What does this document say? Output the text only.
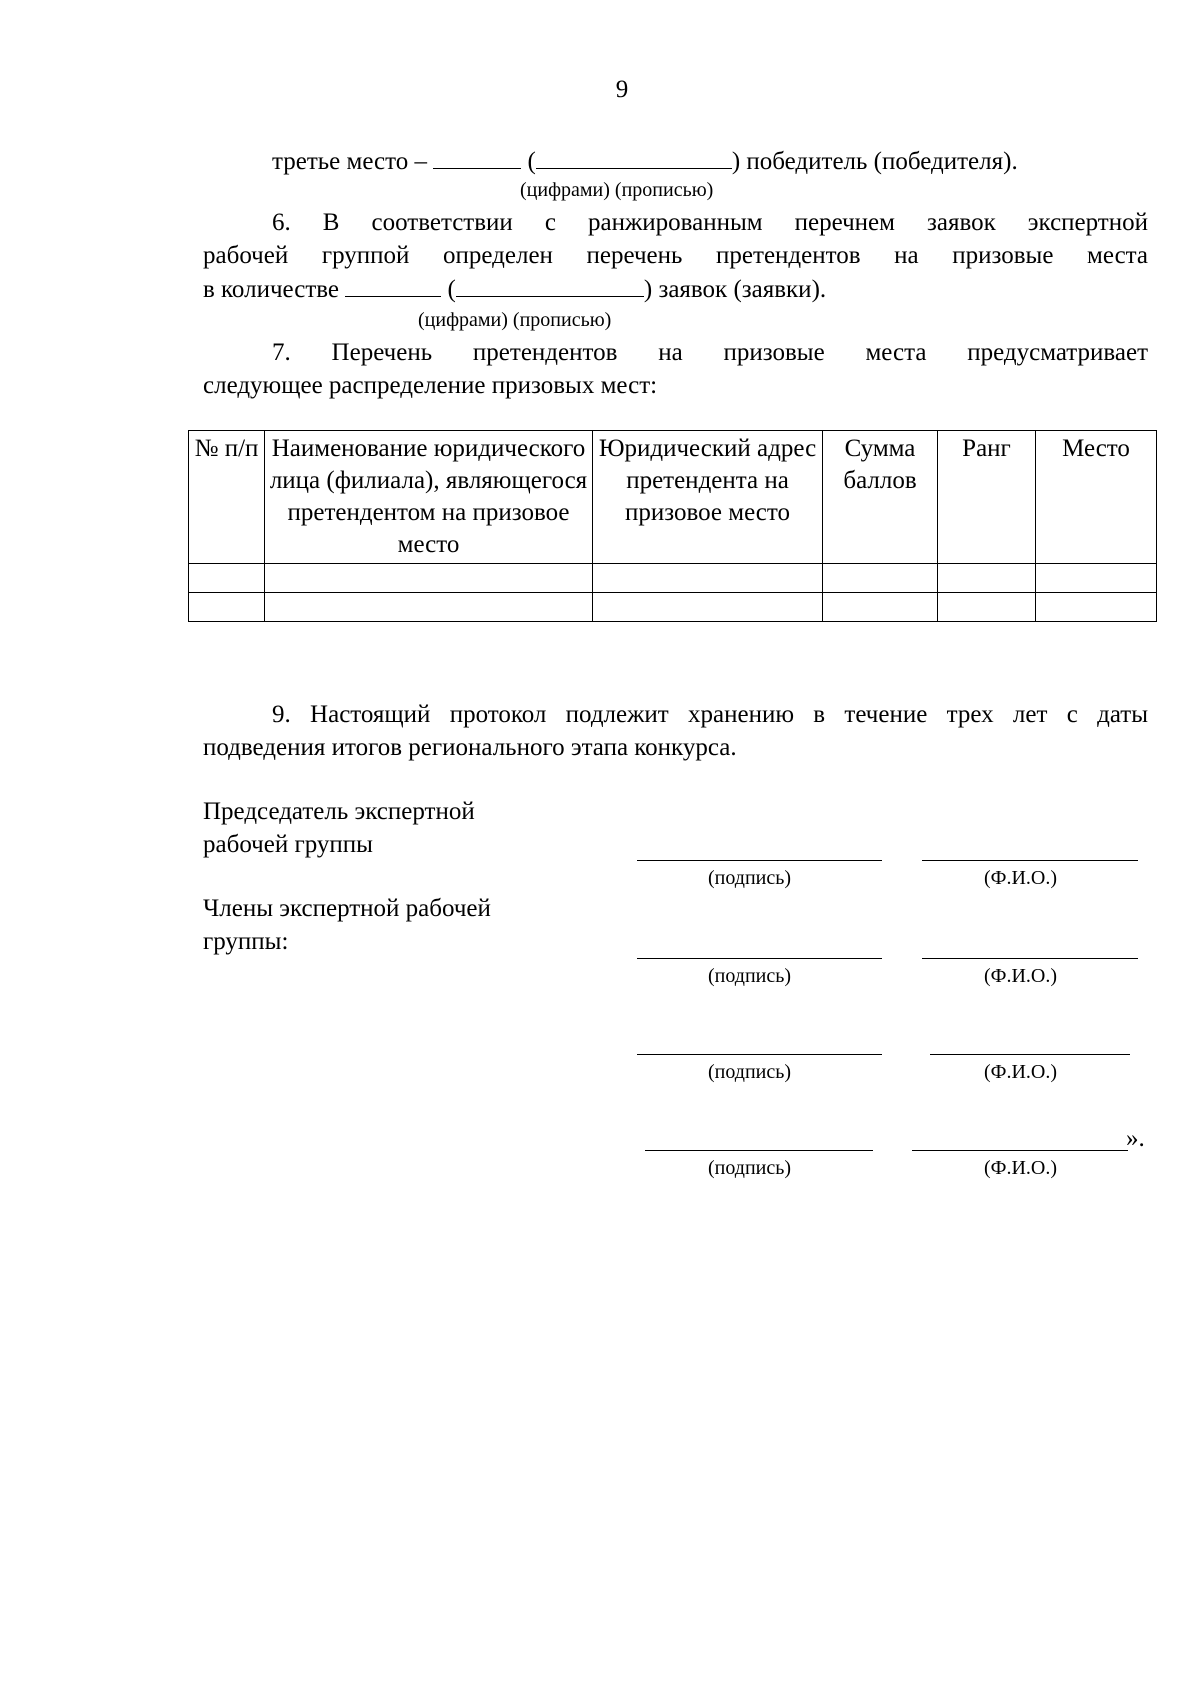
9
третье место –	(	) победитель (победителя).
(цифрами) (прописью)
6. В соответствии с ранжированным перечнем заявок экспертной
рабочей группой определен перечень претендентов на призовые места
в количестве	(	) заявок (заявки).
(цифрами) (прописью)
7. Перечень претендентов на призовые места предусматривает
следующее распределение призовых мест:
№ п/п	Наименование юридического лица (филиала), являющегося претендентом на призовое место	Юридический адрес претендента на призовое место	Сумма баллов	Ранг	Место

9. Настоящий протокол подлежит хранению в течение трех лет с даты
подведения итогов регионального этапа конкурса.
Председатель экспертной
рабочей группы
(подпись)	(Ф.И.О.)
Члены экспертной рабочей
группы:
(подпись)	(Ф.И.О.)
(подпись)	(Ф.И.О.)
».
(подпись)	(Ф.И.О.)
